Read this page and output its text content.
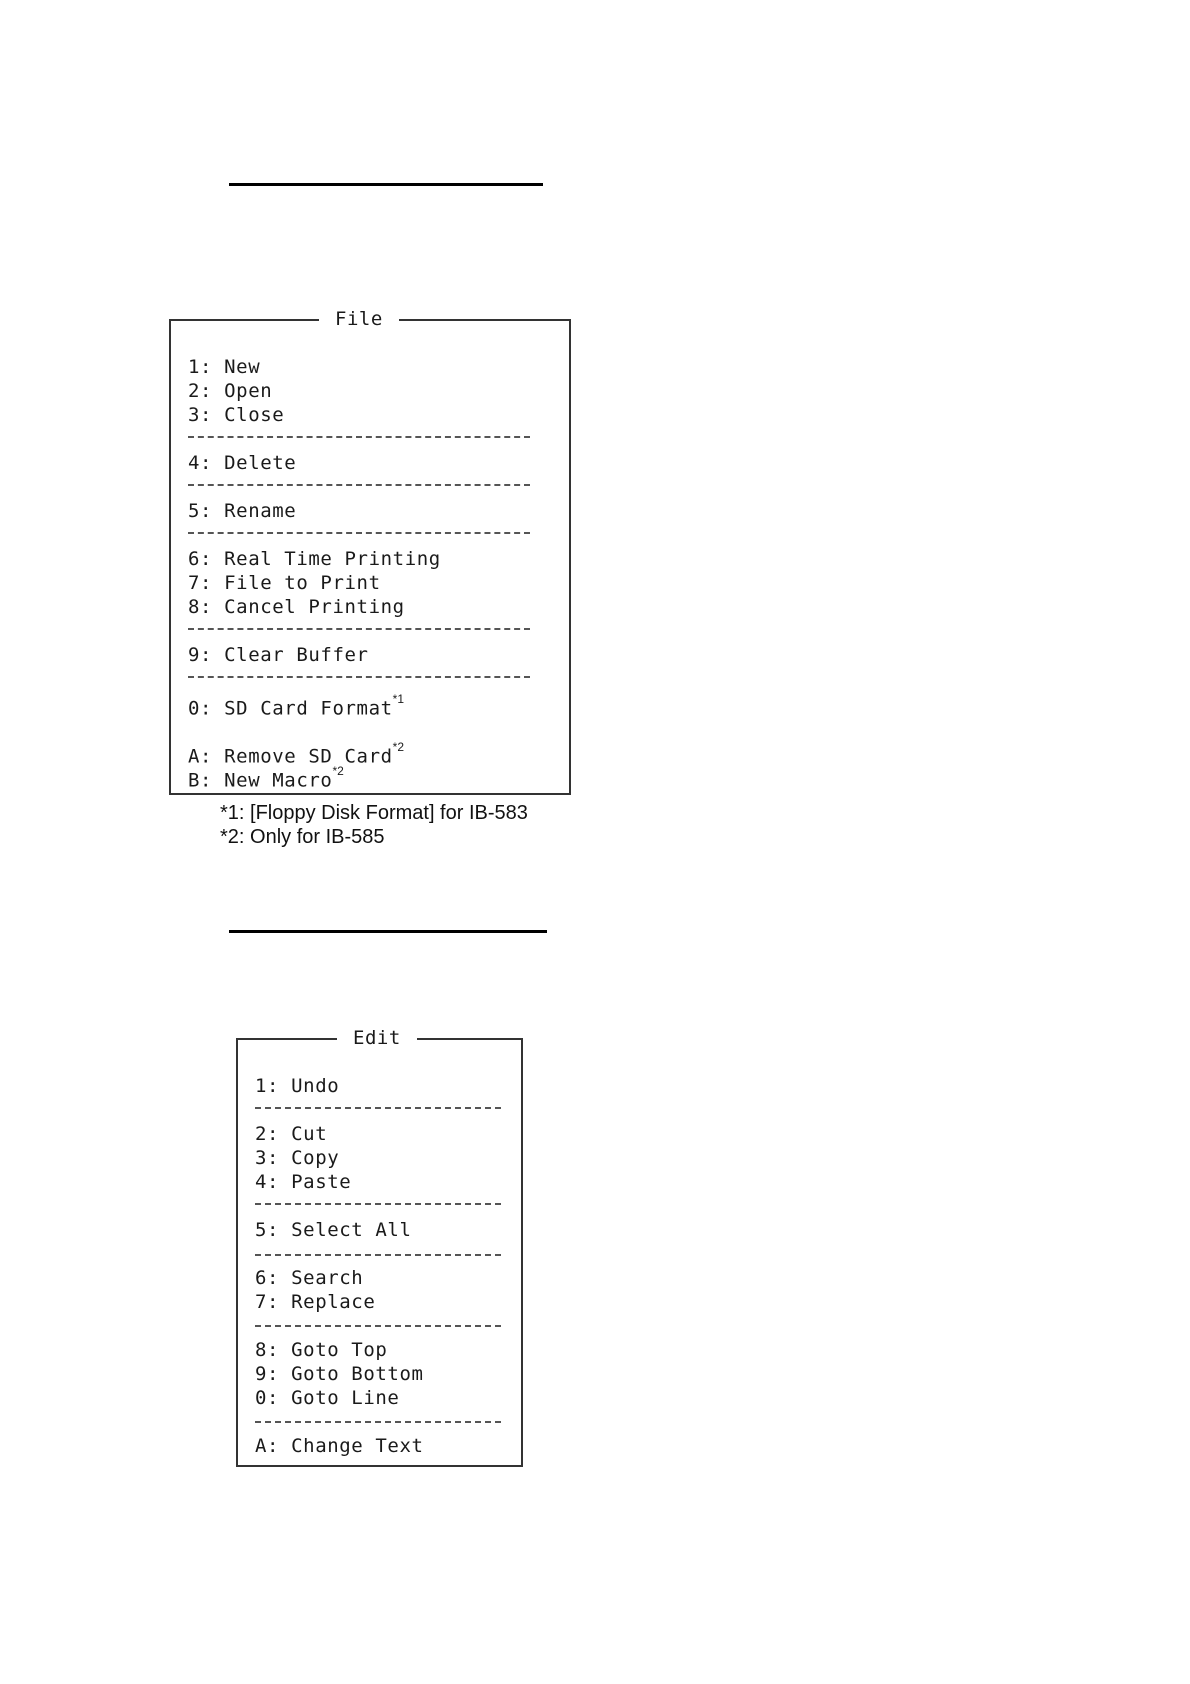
File
1: New
2: Open
3: Close
4: Delete
5: Rename
6: Real Time Printing
7: File to Print
8: Cancel Printing
9: Clear Buffer
0: SD Card Format$^{*1}$
A: Remove SD Card$^{*2}$
B: New Macro$^{*2}$
*1: [Floppy Disk Format] for IB-583
*2: Only for IB-585
Edit
1: Undo
2: Cut
3: Copy
4: Paste
5: Select All
6: Search
7: Replace
8: Goto Top
9: Goto Bottom
0: Goto Line
A: Change Text
